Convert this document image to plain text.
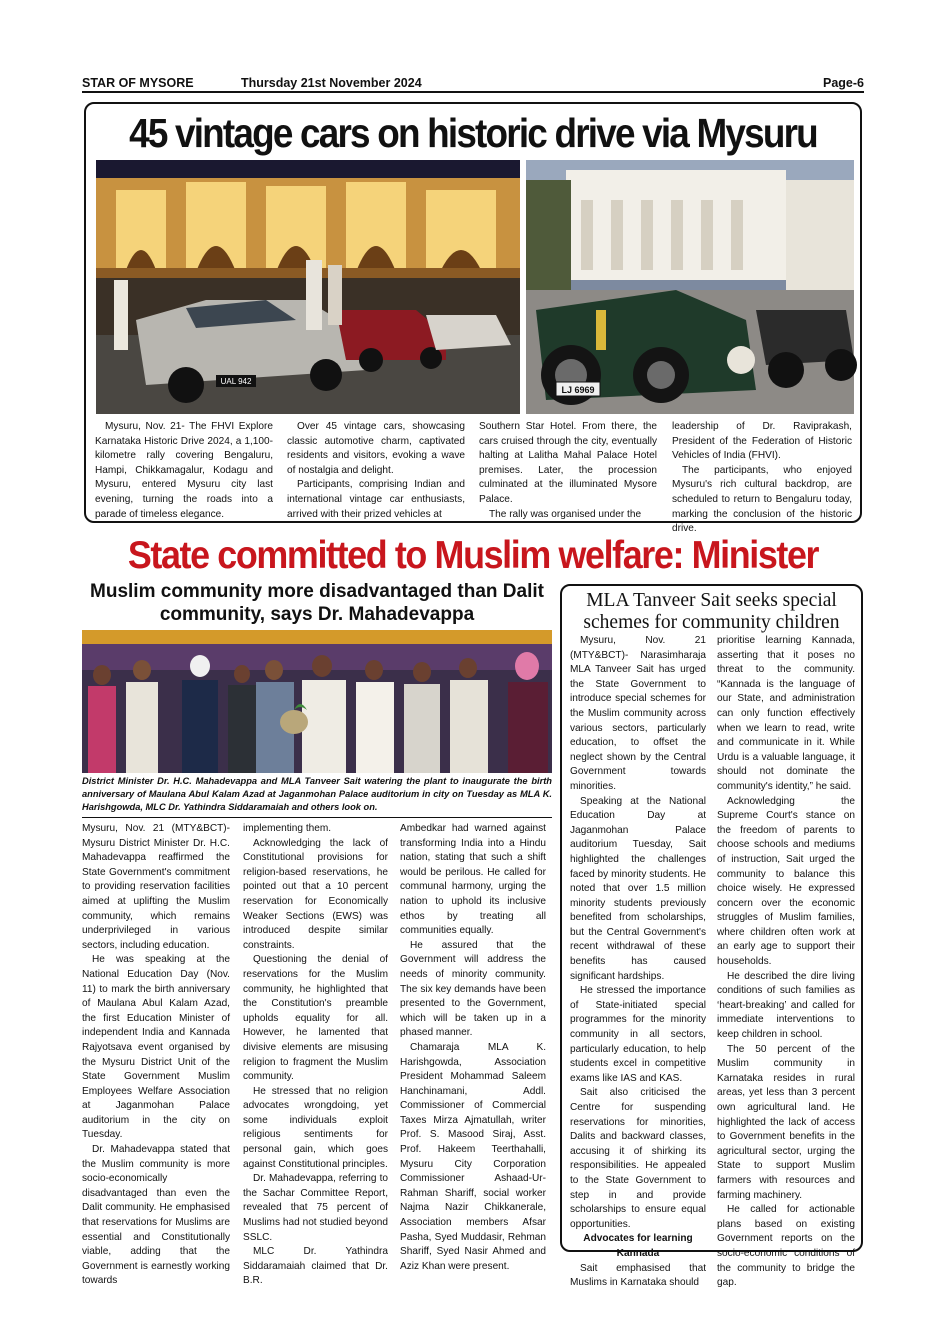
STAR OF MYSORE	Thursday 21st November 2024	Page-6
45 vintage cars on historic drive via Mysuru
UAL 942
LJ 6969

Mysuru, Nov. 21- The FHVI Explore Karnataka Historic Drive 2024, a 1,100-kilometre rally covering Bengaluru, Hampi, Chikkamagalur, Kodagu and Mysuru, entered Mysuru city last evening, turning the roads into a parade of timeless elegance.

Over 45 vintage cars, showcasing classic automotive charm, captivated residents and visitors, evoking a wave of nostalgia and delight.

Participants, comprising Indian and international vintage car enthusiasts, arrived with their prized vehicles at

Southern Star Hotel. From there, the cars cruised through the city, eventually halting at Lalitha Mahal Palace Hotel premises. Later, the procession culminated at the illuminated Mysore Palace.

The rally was organised under the

leadership of Dr. Raviprakash, President of the Federation of Historic Vehicles of India (FHVI).

The participants, who enjoyed Mysuru's rich cultural backdrop, are scheduled to return to Bengaluru today, marking the conclusion of the historic drive.

State committed to Muslim welfare: Minister
Muslim community more disadvantaged than Dalit community, says Dr. Mahadevappa
District Minister Dr. H.C. Mahadevappa and MLA Tanveer Sait watering the plant to inaugurate the birth anniversary of Maulana Abul Kalam Azad at Jaganmohan Palace auditorium in city on Tuesday as MLA K. Harishgowda, MLC Dr. Yathindra Siddaramaiah and others look on.

Mysuru, Nov. 21 (MTY&BCT)- Mysuru District Minister Dr. H.C. Mahadevappa reaffirmed the State Government's commitment to providing reservation facilities aimed at uplifting the Muslim community, which remains underprivileged in various sectors, including education.

He was speaking at the National Education Day (Nov. 11) to mark the birth anniversary of Maulana Abul Kalam Azad, the first Education Minister of independent India and Kannada Rajyotsava event organised by the Mysuru District Unit of the State Government Muslim Employees Welfare Association at Jaganmohan Palace auditorium in the city on Tuesday.

Dr. Mahadevappa stated that the Muslim community is more socio-economically disadvantaged than even the Dalit community. He emphasised that reservations for Muslims are essential and Constitutionally viable, adding that the Government is earnestly working towards

implementing them.

Acknowledging the lack of Constitutional provisions for religion-based reservations, he pointed out that a 10 percent reservation for Economically Weaker Sections (EWS) was introduced despite similar constraints.

Questioning the denial of reservations for the Muslim community, he highlighted that the Constitution's preamble upholds equality for all. However, he lamented that divisive elements are misusing religion to fragment the Muslim community.

He stressed that no religion advocates wrongdoing, yet some individuals exploit religious sentiments for personal gain, which goes against Constitutional principles.

Dr. Mahadevappa, referring to the Sachar Committee Report, revealed that 75 percent of Muslims had not studied beyond SSLC.

MLC Dr. Yathindra Siddaramaiah claimed that Dr. B.R.

Ambedkar had warned against transforming India into a Hindu nation, stating that such a shift would be perilous. He called for communal harmony, urging the nation to uphold its inclusive ethos by treating all communities equally.

He assured that the Government will address the needs of minority community. The six key demands have been presented to the Government, which will be taken up in a phased manner.

Chamaraja MLA K. Harishgowda, Association President Mohammad Saleem Hanchinamani, Addl. Commissioner of Commercial Taxes Mirza Ajmatullah, writer Prof. S. Masood Siraj, Asst. Prof. Hakeem Teerthahalli, Mysuru City Corporation Commissioner Ashaad-Ur-Rahman Shariff, social worker Najma Nazir Chikkanerale, Association members Afsar Pasha, Syed Muddasir, Rehman Shariff, Syed Nasir Ahmed and Aziz Khan were present.

MLA Tanveer Sait seeks special schemes for community children

Mysuru, Nov. 21 (MTY&BCT)- Narasimharaja MLA Tanveer Sait has urged the State Government to introduce special schemes for the Muslim community across various sectors, particularly education, to offset the neglect shown by the Central Government towards minorities.

Speaking at the National Education Day at Jaganmohan Palace auditorium Tuesday, Sait highlighted the challenges faced by minority students. He noted that over 1.5 million minority students previously benefited from scholarships, but the Central Government's recent withdrawal of these benefits has caused significant hardships.

He stressed the importance of State-initiated special programmes for the minority community in all sectors, particularly education, to help students excel in competitive exams like IAS and KAS.

Sait also criticised the Centre for suspending reservations for minorities, Dalits and backward classes, accusing it of shirking its responsibilities. He appealed to the State Government to step in and provide scholarships to ensure equal opportunities.

Advocates for learning Kannada

Sait emphasised that Muslims in Karnataka should

prioritise learning Kannada, asserting that it poses no threat to the community. “Kannada is the language of our State, and administration can only function effectively when we learn to read, write and communicate in it. While Urdu is a valuable language, it should not dominate the community's identity,” he said.

Acknowledging the Supreme Court's stance on the freedom of parents to choose schools and mediums of instruction, Sait urged the community to balance this choice wisely. He expressed concern over the economic struggles of Muslim families, where children often work at an early age to support their households.

He described the dire living conditions of such families as ‘heart-breaking’ and called for immediate interventions to keep children in school.

The 50 percent of the Muslim community in Karnataka resides in rural areas, yet less than 3 percent own agricultural land. He highlighted the lack of access to Government benefits in the agricultural sector, urging the State to support Muslim farmers with resources and farming machinery.

He called for actionable plans based on existing Government reports on the socio-economic conditions of the community to bridge the gap.
